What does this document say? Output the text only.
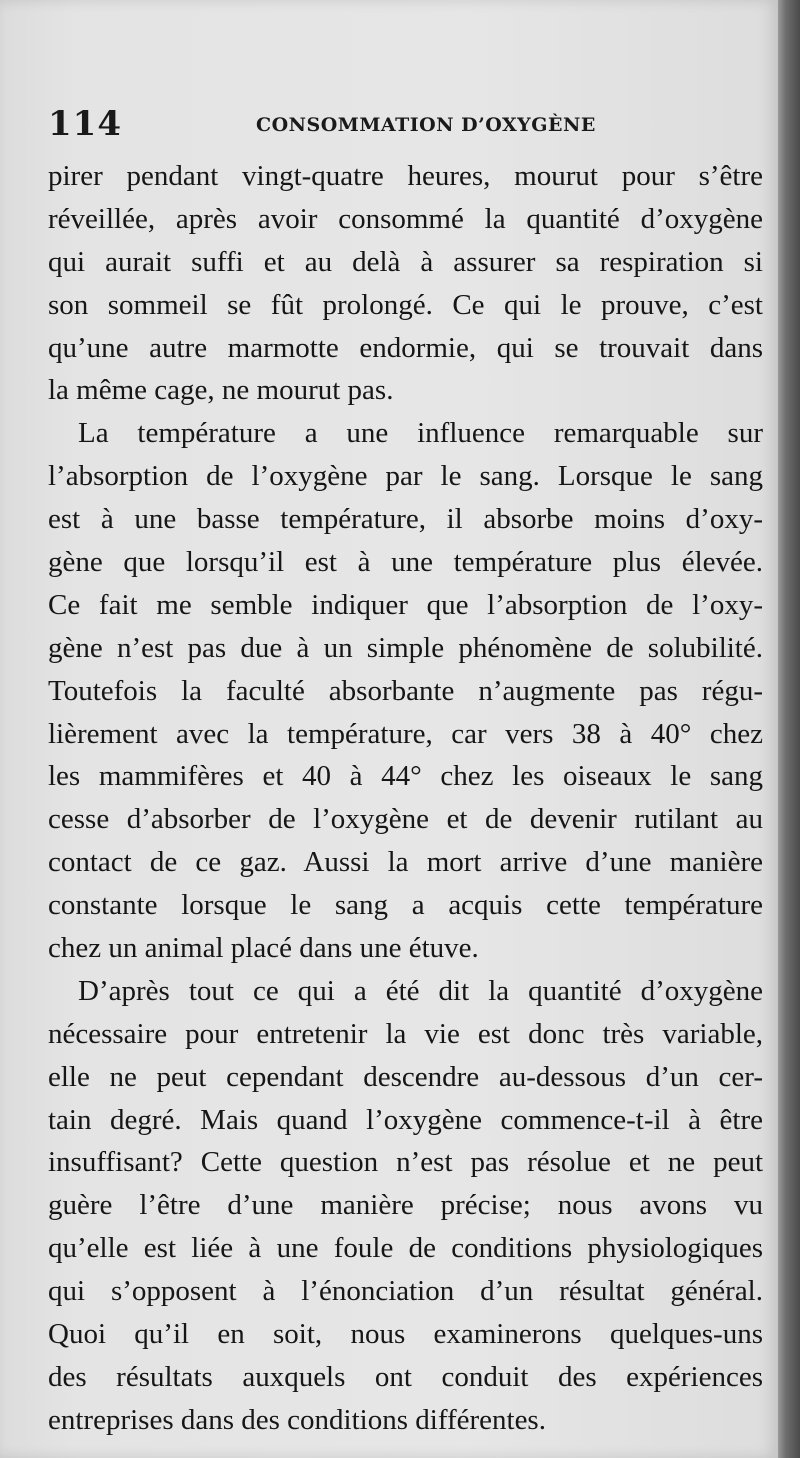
114	CONSOMMATION D’OXYGÈNE
pirer pendant vingt-quatre heures, mourut pour s’être
réveillée, après avoir consommé la quantité d’oxygène
qui aurait suffi et au delà à assurer sa respiration si
son sommeil se fût prolongé. Ce qui le prouve, c’est
qu’une autre marmotte endormie, qui se trouvait dans
la même cage, ne mourut pas.
La température a une influence remarquable sur
l’absorption de l’oxygène par le sang. Lorsque le sang
est à une basse température, il absorbe moins d’oxy-
gène que lorsqu’il est à une température plus élevée.
Ce fait me semble indiquer que l’absorption de l’oxy-
gène n’est pas due à un simple phénomène de solubilité.
Toutefois la faculté absorbante n’augmente pas régu-
lièrement avec la température, car vers 38 à 40° chez
les mammifères et 40 à 44° chez les oiseaux le sang
cesse d’absorber de l’oxygène et de devenir rutilant au
contact de ce gaz. Aussi la mort arrive d’une manière
constante lorsque le sang a acquis cette température
chez un animal placé dans une étuve.
D’après tout ce qui a été dit la quantité d’oxygène
nécessaire pour entretenir la vie est donc très variable,
elle ne peut cependant descendre au-dessous d’un cer-
tain degré. Mais quand l’oxygène commence-t-il à être
insuffisant? Cette question n’est pas résolue et ne peut
guère l’être d’une manière précise; nous avons vu
qu’elle est liée à une foule de conditions physiologiques
qui s’opposent à l’énonciation d’un résultat général.
Quoi qu’il en soit, nous examinerons quelques-uns
des résultats auxquels ont conduit des expériences
entreprises dans des conditions différentes.
